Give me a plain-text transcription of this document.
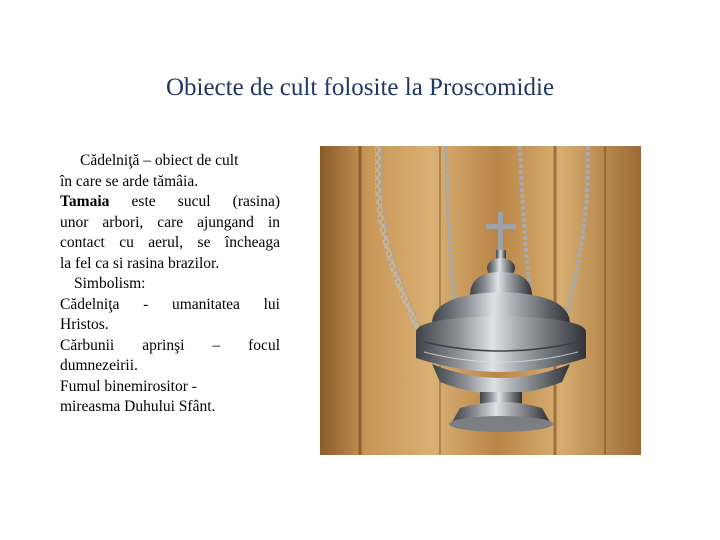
Obiecte de cult folosite la Proscomidie
Cădelniţă – obiect de cult
în care se arde tămâia.
Tamaia este sucul (rasina)
unor arbori, care ajungand in
contact cu aerul, se încheaga
la fel ca si rasina brazilor.
Simbolism:
Cădelniţa - umanitatea lui
Hristos.
Cărbunii aprinşi – focul
dumnezeirii.
Fumul binemirositor -
mireasma Duhului Sfânt.
